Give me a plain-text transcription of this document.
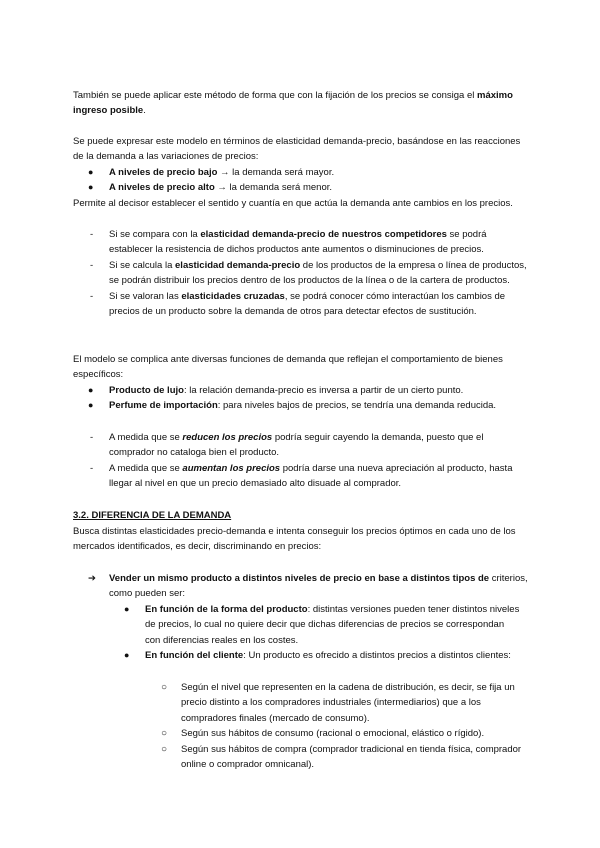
También se puede aplicar este método de forma que con la fijación de los precios se consiga el máximo ingreso posible.

Se puede expresar este modelo en términos de elasticidad demanda-precio, basándose en las reacciones de la demanda a las variaciones de precios:

● A niveles de precio bajo → la demanda será mayor.
● A niveles de precio alto → la demanda será menor.

Permite al decisor establecer el sentido y cuantía en que actúa la demanda ante cambios en los precios.

- Si se compara con la elasticidad demanda-precio de nuestros competidores se podrá establecer la resistencia de dichos productos ante aumentos o disminuciones de precios.
- Si se calcula la elasticidad demanda-precio de los productos de la empresa o línea de productos, se podrán distribuir los precios dentro de los productos de la línea o de la cartera de productos.
- Si se valoran las elasticidades cruzadas, se podrá conocer cómo interactúan los cambios de precios de un producto sobre la demanda de otros para detectar efectos de sustitución.

El modelo se complica ante diversas funciones de demanda que reflejan el comportamiento de bienes específicos:

● Producto de lujo: la relación demanda-precio es inversa a partir de un cierto punto.
● Perfume de importación: para niveles bajos de precios, se tendría una demanda reducida.
- A medida que se reducen los precios podría seguir cayendo la demanda, puesto que el comprador no cataloga bien el producto.
- A medida que se aumentan los precios podría darse una nueva apreciación al producto, hasta llegar al nivel en que un precio demasiado alto disuade al comprador.

3.2. DIFERENCIA DE LA DEMANDA

Busca distintas elasticidades precio-demanda e intenta conseguir los precios óptimos en cada uno de los mercados identificados, es decir, discriminando en precios:

➔ Vender un mismo producto a distintos niveles de precio en base a distintos tipos de criterios, como pueden ser:
● En función de la forma del producto: distintas versiones pueden tener distintos niveles de precios, lo cual no quiere decir que dichas diferencias de precios se correspondan con diferencias reales en los costes.
● En función del cliente: Un producto es ofrecido a distintos precios a distintos clientes:
○ Según el nivel que representen en la cadena de distribución, es decir, se fija un precio distinto a los compradores industriales (intermediarios) que a los compradores finales (mercado de consumo).
○ Según sus hábitos de consumo (racional o emocional, elástico o rígido).
○ Según sus hábitos de compra (comprador tradicional en tienda física, comprador online o comprador omnicanal).
